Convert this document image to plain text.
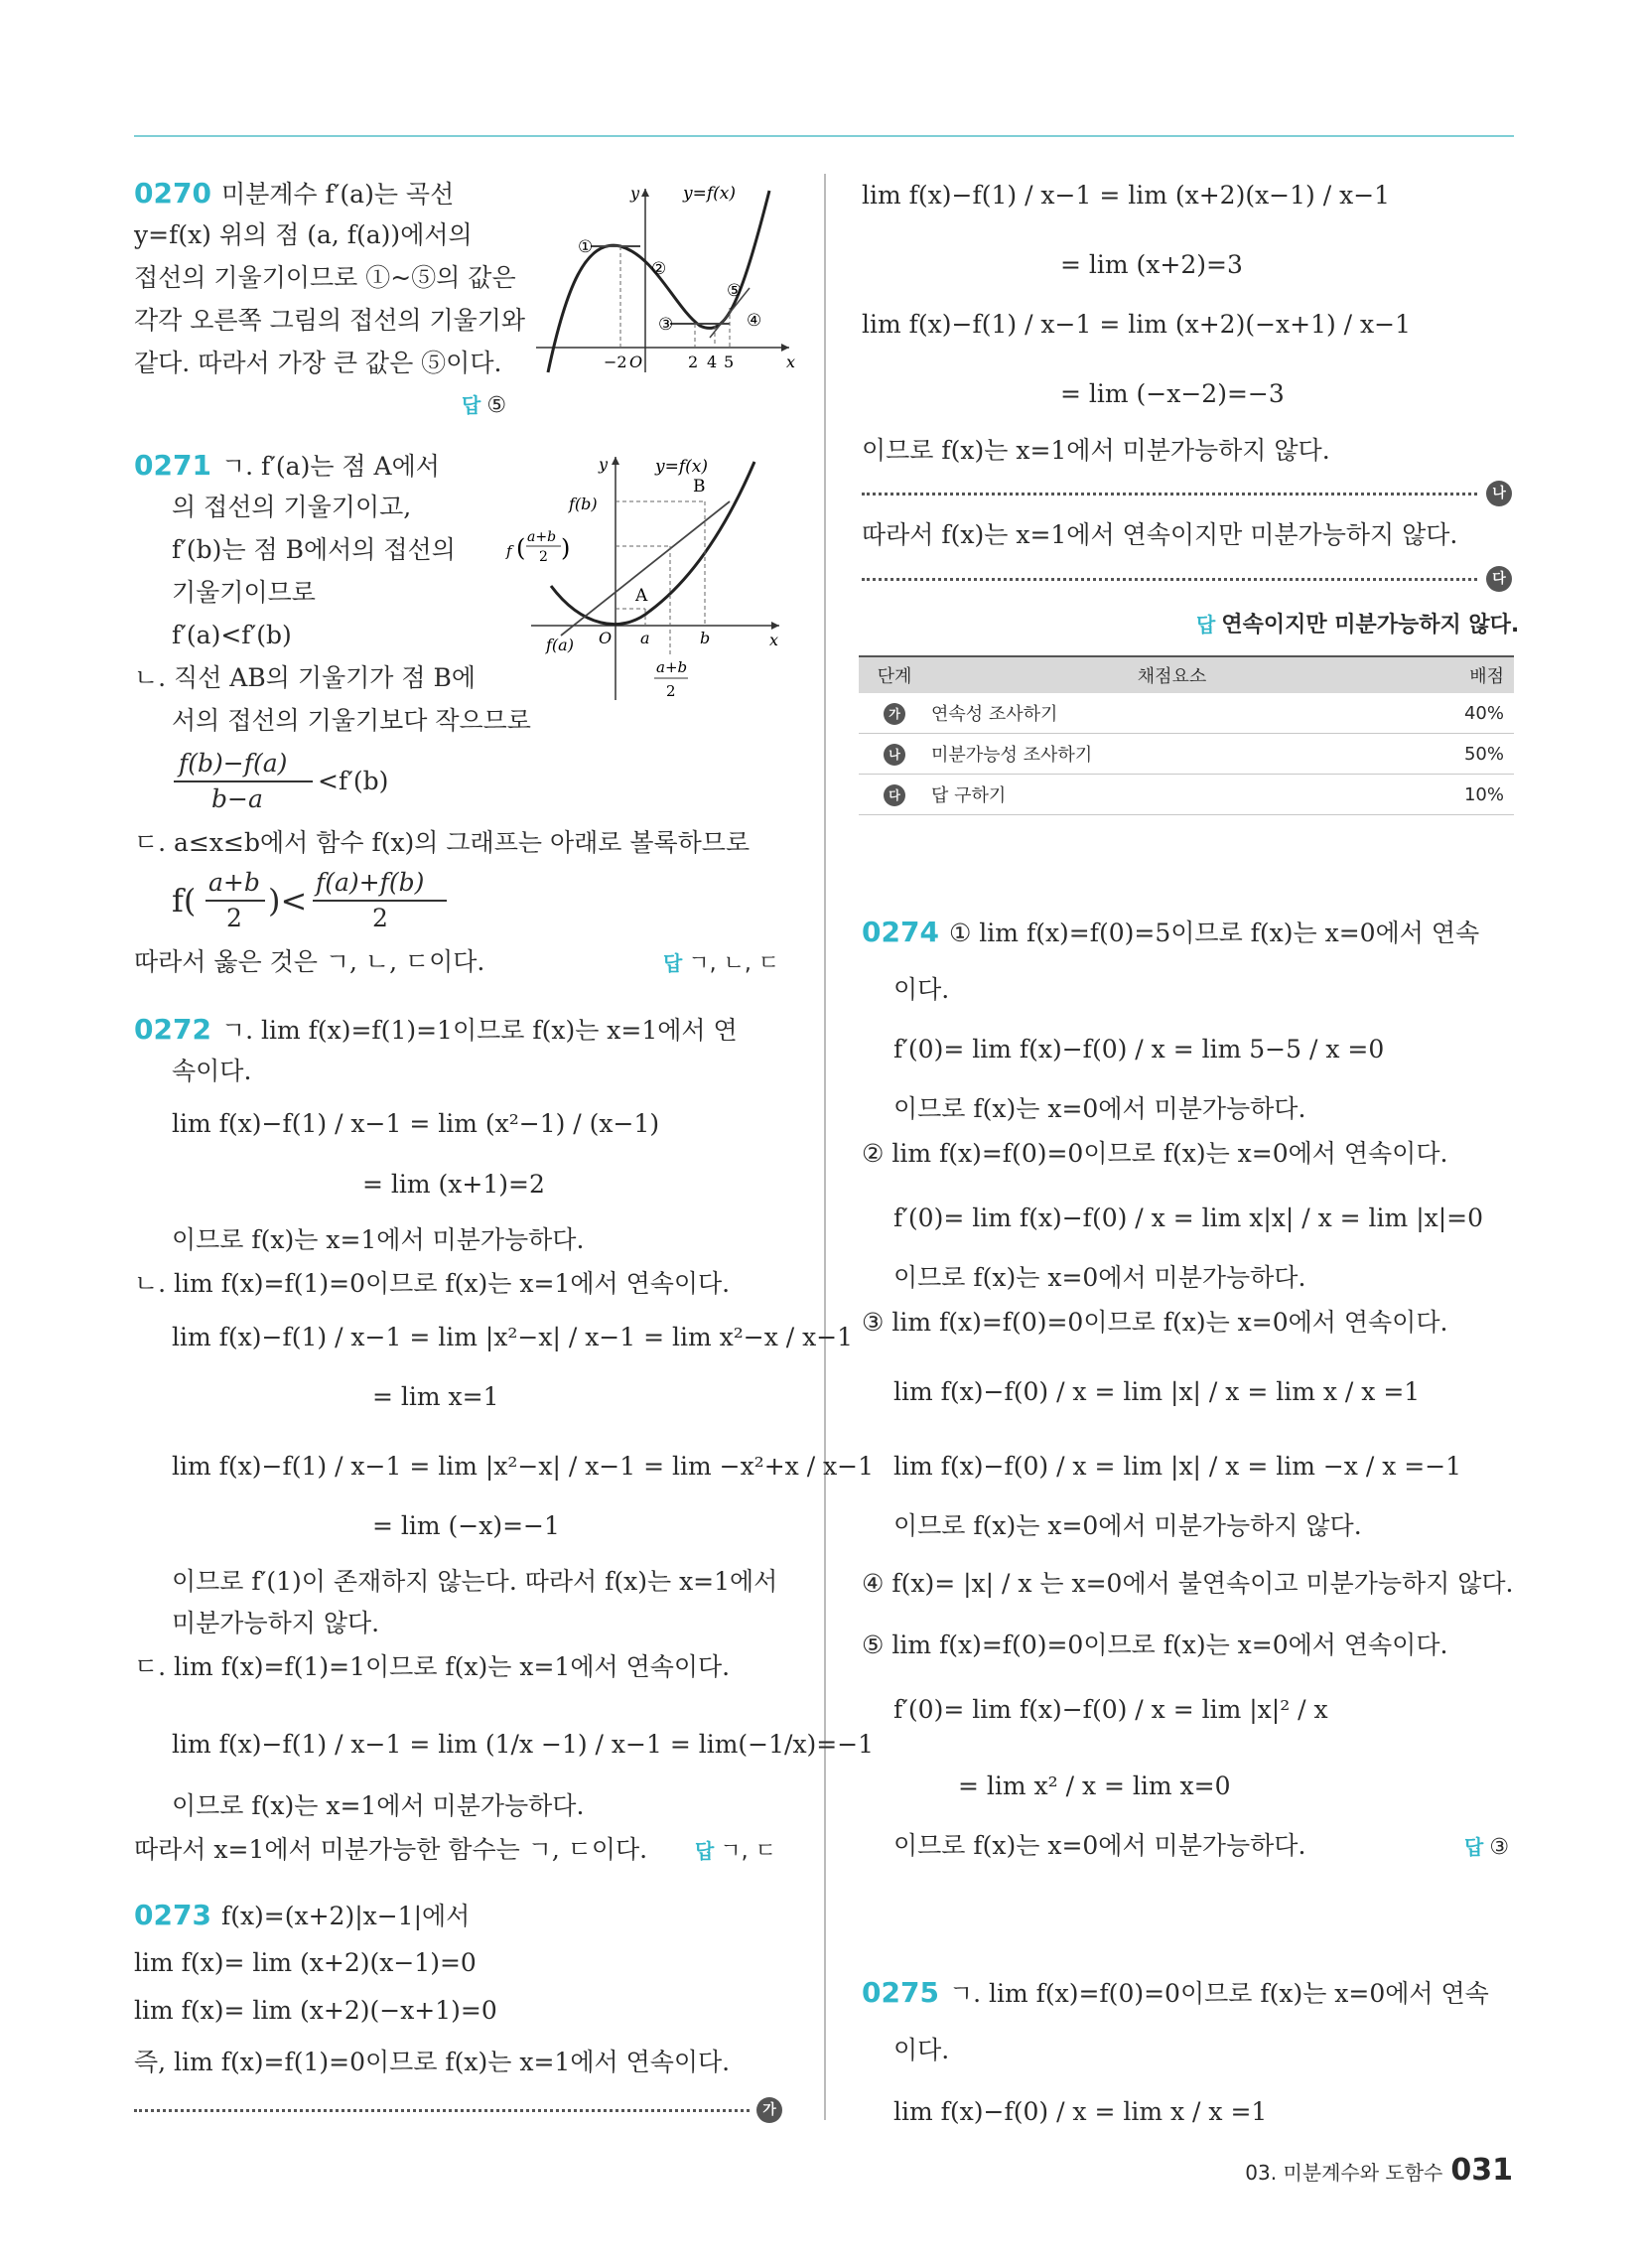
0270 미분계수 f′(a)는 곡선
y=f(x) 위의 점 (a, f(a))에서의
접선의 기울기이므로 ①~⑤의 값은
각각 오른쪽 그림의 접선의 기울기와
같다. 따라서 가장 큰 값은 ⑤이다.
답 ⑤
y
x
y=f(x)
①
②
③	④
⑤
−2 O	2 4 5
0271 ㄱ. f′(a)는 점 A에서
의 접선의 기울기이고,
f′(b)는 점 B에서의 접선의
기울기이므로
f′(a)<f′(b)
ㄴ. 직선 AB의 기울기가 점 B에
서의 접선의 기울기보다 작으므로
f(b)−f(a)
b−a
<f′(b)
ㄷ. a≤x≤b에서 함수 f(x)의 그래프는 아래로 볼록하므로
f( a+b
2 )< f(a)+f(b)
2
따라서 옳은 것은 ㄱ, ㄴ, ㄷ이다.	답 ㄱ, ㄴ, ㄷ
y
x
y=f(x)
f(b)
B
A
(
f
a+b
2 )
f(a) O a	b
a+b
2
0272 ㄱ. lim f(x)=f(1)=1이므로 f(x)는 x=1에서 연
속이다.
lim f(x)−f(1) / x−1 = lim (x²−1) / (x−1)
= lim (x+1)=2
이므로 f(x)는 x=1에서 미분가능하다.
ㄴ. lim f(x)=f(1)=0이므로 f(x)는 x=1에서 연속이다.
lim f(x)−f(1) / x−1 = lim |x²−x| / x−1 = lim x²−x / x−1
= lim x=1
lim f(x)−f(1) / x−1 = lim |x²−x| / x−1 = lim −x²+x / x−1
= lim (−x)=−1
이므로 f′(1)이 존재하지 않는다. 따라서 f(x)는 x=1에서
미분가능하지 않다.
ㄷ. lim f(x)=f(1)=1이므로 f(x)는 x=1에서 연속이다.
lim f(x)−f(1) / x−1 = lim (1/x −1) / x−1 = lim(−1/x)=−1
이므로 f(x)는 x=1에서 미분가능하다.
따라서 x=1에서 미분가능한 함수는 ㄱ, ㄷ이다. 답 ㄱ, ㄷ
0273 f(x)=(x+2)|x−1|에서
lim f(x)= lim (x+2)(x−1)=0
lim f(x)= lim (x+2)(−x+1)=0
즉, lim f(x)=f(1)=0이므로 f(x)는 x=1에서 연속이다.
가
lim f(x)−f(1) / x−1 = lim (x+2)(x−1) / x−1
= lim (x+2)=3
lim f(x)−f(1) / x−1 = lim (x+2)(−x+1) / x−1
= lim (−x−2)=−3
이므로 f(x)는 x=1에서 미분가능하지 않다.
나
따라서 f(x)는 x=1에서 연속이지만 미분가능하지 않다.
다
답 연속이지만 미분가능하지 않다.
단계	채점요소	배점
가	연속성 조사하기	40%
나	미분가능성 조사하기	50%
다	답 구하기	10%
0274 ① lim f(x)=f(0)=5이므로 f(x)는 x=0에서 연속
이다.
f′(0)= lim f(x)−f(0) / x = lim 5−5 / x =0
이므로 f(x)는 x=0에서 미분가능하다.
② lim f(x)=f(0)=0이므로 f(x)는 x=0에서 연속이다.
f′(0)= lim f(x)−f(0) / x = lim x|x| / x = lim |x|=0
이므로 f(x)는 x=0에서 미분가능하다.
③ lim f(x)=f(0)=0이므로 f(x)는 x=0에서 연속이다.
lim f(x)−f(0) / x = lim |x| / x = lim x / x =1
lim f(x)−f(0) / x = lim |x| / x = lim −x / x =−1
이므로 f(x)는 x=0에서 미분가능하지 않다.
④ f(x)= |x| / x 는 x=0에서 불연속이고 미분가능하지 않다.
⑤ lim f(x)=f(0)=0이므로 f(x)는 x=0에서 연속이다.
f′(0)= lim f(x)−f(0) / x = lim |x|² / x
= lim x² / x = lim x=0
이므로 f(x)는 x=0에서 미분가능하다.	답 ③
0275 ㄱ. lim f(x)=f(0)=0이므로 f(x)는 x=0에서 연속
이다.
lim f(x)−f(0) / x = lim x / x =1
03. 미분계수와 도함수 031
